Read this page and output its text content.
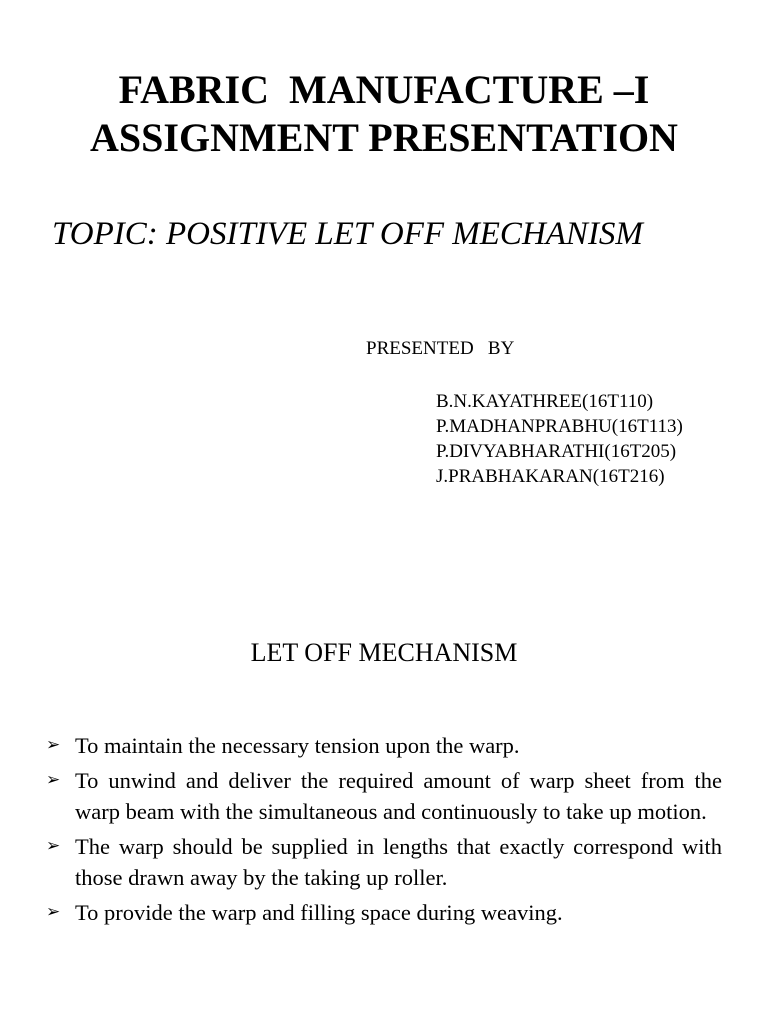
FABRIC  MANUFACTURE –I
ASSIGNMENT PRESENTATION
TOPIC: POSITIVE LET OFF MECHANISM
PRESENTED   BY
B.N.KAYATHREE(16T110)
P.MADHANPRABHU(16T113)
P.DIVYABHARATHI(16T205)
J.PRABHAKARAN(16T216)
LET OFF MECHANISM
➢ To maintain the necessary tension upon the warp.
➢ To unwind and deliver the required amount of warp sheet from the warp beam with the simultaneous and continuously to take up motion.
➢ The warp should be supplied in lengths that exactly correspond with those drawn away by the taking up roller.
➢ To provide the warp and filling space during weaving.
